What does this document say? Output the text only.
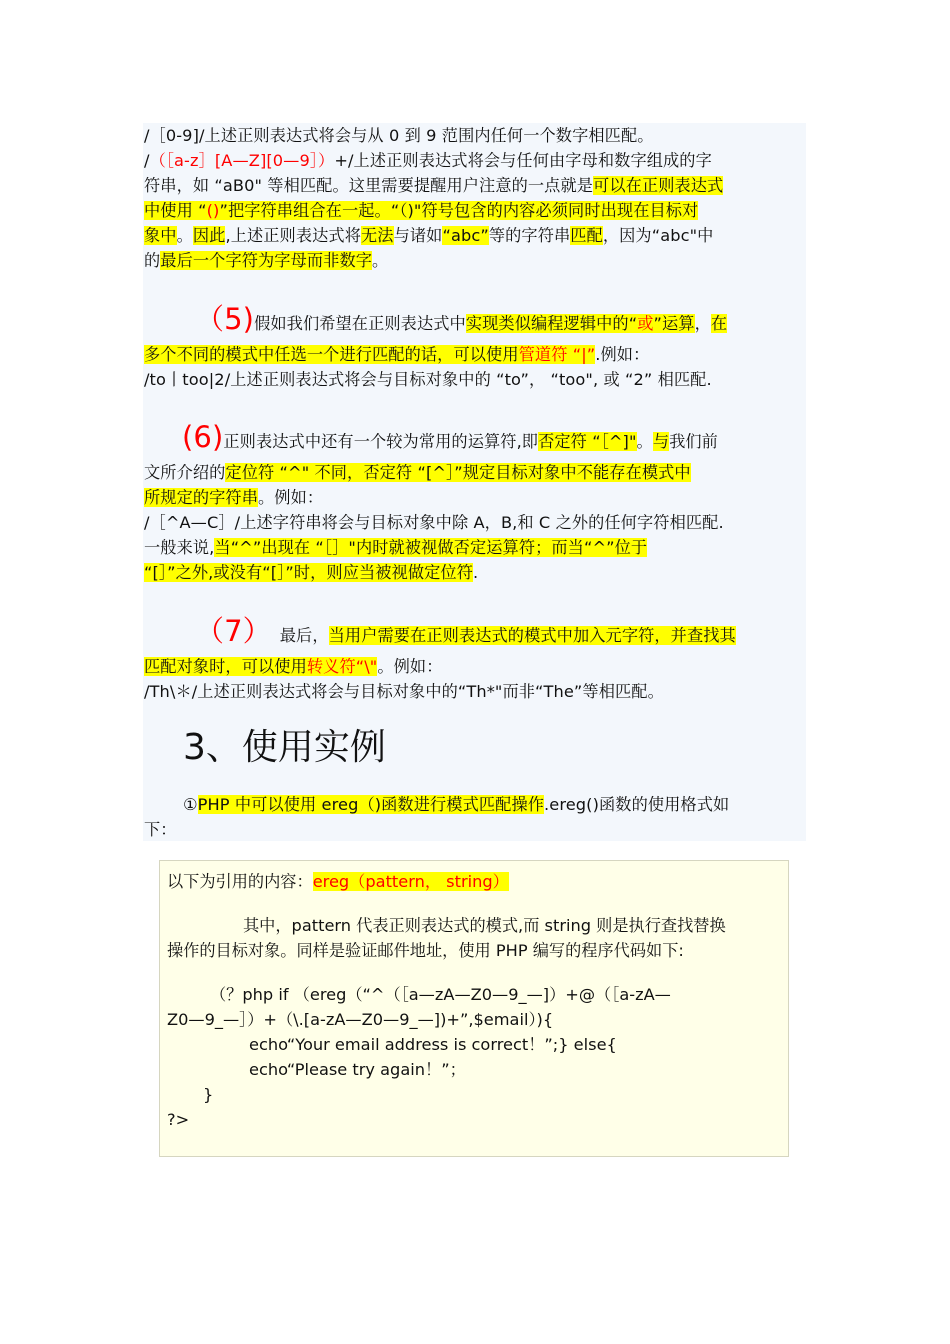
/［0-9]/上述正则表达式将会与从 0 到 9 范围内任何一个数字相匹配。
/（［a-z］[A—Z][0—9］）+/上述正则表达式将会与任何由字母和数字组成的字
符串，如 “aB0" 等相匹配。这里需要提醒用户注意的一点就是可以在正则表达式
中使用 “()”把字符串组合在一起。“（)"符号包含的内容必须同时出现在目标对
象中。因此,上述正则表达式将无法与诸如“abc”等的字符串匹配，因为“abc"中
的最后一个字符为字母而非数字。
（5)假如我们希望在正则表达式中实现类似编程逻辑中的“或”运算，在
多个不同的模式中任选一个进行匹配的话，可以使用管道符 “|”.例如：
/to丨too|2/上述正则表达式将会与目标对象中的 “to”， “too", 或 “2” 相匹配.
(6)正则表达式中还有一个较为常用的运算符,即否定符 “［^]"。与我们前
文所介绍的定位符 “^" 不同，否定符 “[^］”规定目标对象中不能存在模式中
所规定的字符串。例如：
/［^A—C］/上述字符串将会与目标对象中除 A，B,和 C 之外的任何字符相匹配.
一般来说,当“^”出现在 “［］"内时就被视做否定运算符；而当“^”位于
“[］”之外,或没有“[］”时，则应当被视做定位符.
（7） 最后，当用户需要在正则表达式的模式中加入元字符，并查找其
匹配对象时，可以使用转义符“\"。例如：
/Th\＊/上述正则表达式将会与目标对象中的“Th*"而非“The”等相匹配。
3、使用实例
①PHP 中可以使用 ereg（)函数进行模式匹配操作.ereg()函数的使用格式如
下：
以下为引用的内容：ereg（pattern， string）
其中，pattern 代表正则表达式的模式,而 string 则是执行查找替换
操作的目标对象。同样是验证邮件地址，使用 PHP 编写的程序代码如下:
（？php if （ereg（“^（［a—zA—Z0—9_—]）+@（［a-zA—
Z0—9_—］）+（\.[a-zA—Z0—9_—])+”,$email）){
echo“Your email address is correct！”;} else{
echo“Please try again！”；
}
?>
